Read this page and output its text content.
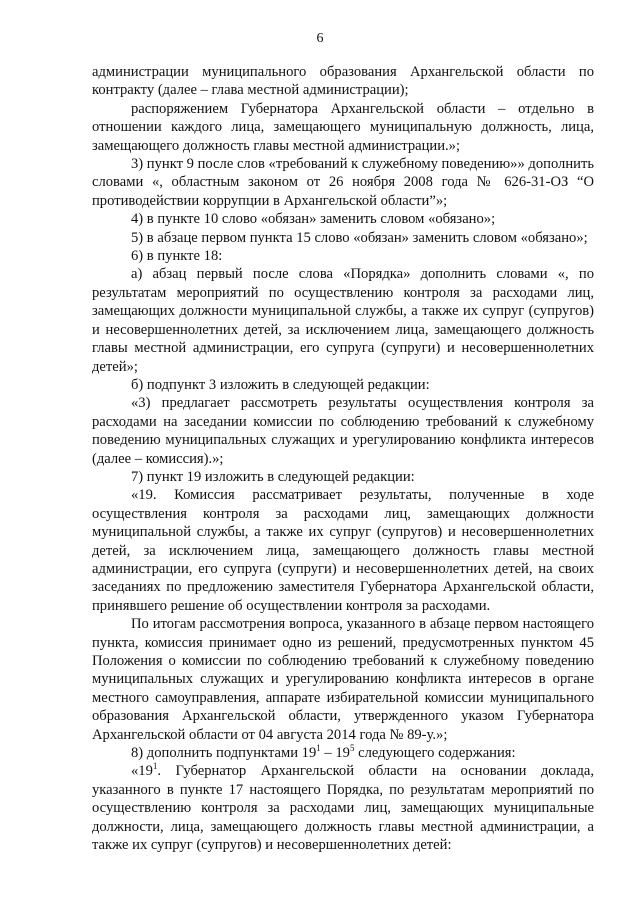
6

администрации муниципального образования Архангельской области по контракту (далее – глава местной администрации);

распоряжением Губернатора Архангельской области – отдельно в отношении каждого лица, замещающего муниципальную должность, лица, замещающего должность главы местной администрации.»;

3) пункт 9 после слов «требований к служебному поведению»» дополнить словами «, областным законом от 26 ноября 2008 года № 626-31-ОЗ “О противодействии коррупции в Архангельской области”»;

4) в пункте 10 слово «обязан» заменить словом «обязано»;

5) в абзаце первом пункта 15 слово «обязан» заменить словом «обязано»;

6) в пункте 18:

а) абзац первый после слова «Порядка» дополнить словами «, по результатам мероприятий по осуществлению контроля за расходами лиц, замещающих должности муниципальной службы, а также их супруг (супругов) и несовершеннолетних детей, за исключением лица, замещающего должность главы местной администрации, его супруга (супруги) и несовершеннолетних детей»;

б) подпункт 3 изложить в следующей редакции:

«3) предлагает рассмотреть результаты осуществления контроля за расходами на заседании комиссии по соблюдению требований к служебному поведению муниципальных служащих и урегулированию конфликта интересов (далее – комиссия).»;

7) пункт 19 изложить в следующей редакции:

«19. Комиссия рассматривает результаты, полученные в ходе осуществления контроля за расходами лиц, замещающих должности муниципальной службы, а также их супруг (супругов) и несовершеннолетних детей, за исключением лица, замещающего должность главы местной администрации, его супруга (супруги) и несовершеннолетних детей, на своих заседаниях по предложению заместителя Губернатора Архангельской области, принявшего решение об осуществлении контроля за расходами.

По итогам рассмотрения вопроса, указанного в абзаце первом настоящего пункта, комиссия принимает одно из решений, предусмотренных пунктом 45 Положения о комиссии по соблюдению требований к служебному поведению муниципальных служащих и урегулированию конфликта интересов в органе местного самоуправления, аппарате избирательной комиссии муниципального образования Архангельской области, утвержденного указом Губернатора Архангельской области от 04 августа 2014 года № 89-у.»;

8) дополнить подпунктами $19^1 - 19^5$ следующего содержания:

«$19^1$. Губернатор Архангельской области на основании доклада, указанного в пункте 17 настоящего Порядка, по результатам мероприятий по осуществлению контроля за расходами лиц, замещающих муниципальные должности, лица, замещающего должность главы местной администрации, а также их супруг (супругов) и несовершеннолетних детей:
